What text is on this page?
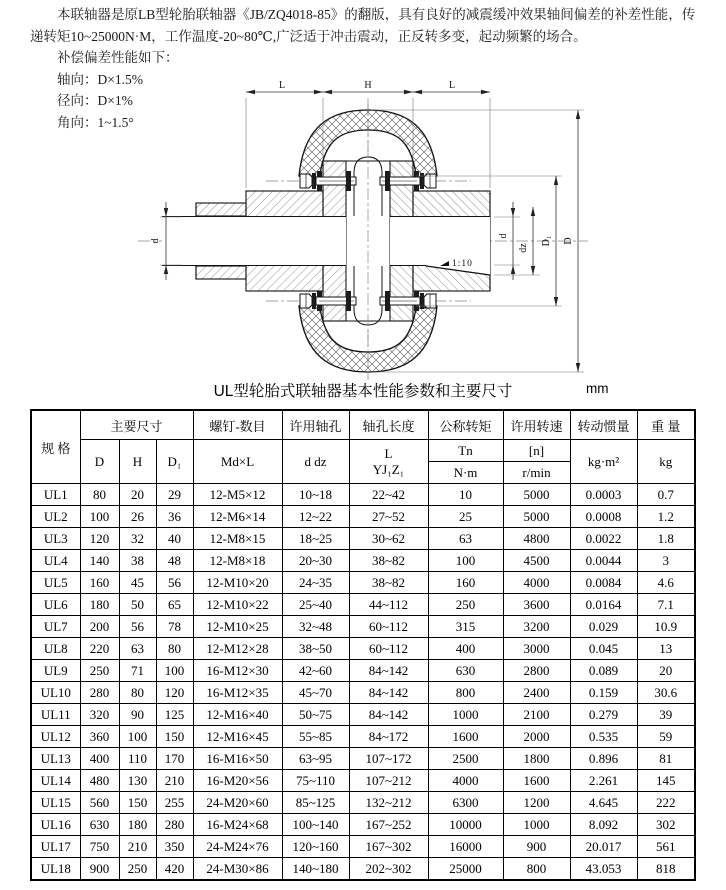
本联轴器是原LB型轮胎联轴器《JB/ZQ4018-85》的翻版，具有良好的减震缓冲效果轴间偏差的补差性能，传递转矩10~25000N·M，工作温度-20~80℃,广泛适于冲击震动，正反转多变，起动频繁的场合。

补偿偏差性能如下：

轴向：D×1.5%

径向：D×1%

角向：1~1.5°

1:10
L	H	L
d
d
dz
D₁ D
UL型轮胎式联轴器基本性能参数和主要尺寸	mm
规 格	主要尺寸			螺钉-数目	许用轴孔	轴孔长度	公称转矩	许用转速	转动惯量	重 量
	D	H	D₁	Md×L	d dz	L
YJ₁Z₁	Tn	[n]	kg·m²	kg
							N·m	r/min		
UL1	80	20	29	12-M5×12	10~18	22~42	10	5000	0.0003	0.7
UL2	100	26	36	12-M6×14	12~22	27~52	25	5000	0.0008	1.2
UL3	120	32	40	12-M8×15	18~25	30~62	63	4800	0.0022	1.8
UL4	140	38	48	12-M8×18	20~30	38~82	100	4500	0.0044	3
UL5	160	45	56	12-M10×20	24~35	38~82	160	4000	0.0084	4.6
UL6	180	50	65	12-M10×22	25~40	44~112	250	3600	0.0164	7.1
UL7	200	56	78	12-M10×25	32~48	60~112	315	3200	0.029	10.9
UL8	220	63	80	12-M12×28	38~50	60~112	400	3000	0.045	13
UL9	250	71	100	16-M12×30	42~60	84~142	630	2800	0.089	20
UL10	280	80	120	16-M12×35	45~70	84~142	800	2400	0.159	30.6
UL11	320	90	125	12-M16×40	50~75	84~142	1000	2100	0.279	39
UL12	360	100	150	12-M16×45	55~85	84~172	1600	2000	0.535	59
UL13	400	110	170	16-M16×50	63~95	107~172	2500	1800	0.896	81
UL14	480	130	210	16-M20×56	75~110	107~212	4000	1600	2.261	145
UL15	560	150	255	24-M20×60	85~125	132~212	6300	1200	4.645	222
UL16	630	180	280	16-M24×68	100~140	167~252	10000	1000	8.092	302
UL17	750	210	350	24-M24×76	120~160	167~302	16000	900	20.017	561
UL18	900	250	420	24-M30×86	140~180	202~302	25000	800	43.053	818
